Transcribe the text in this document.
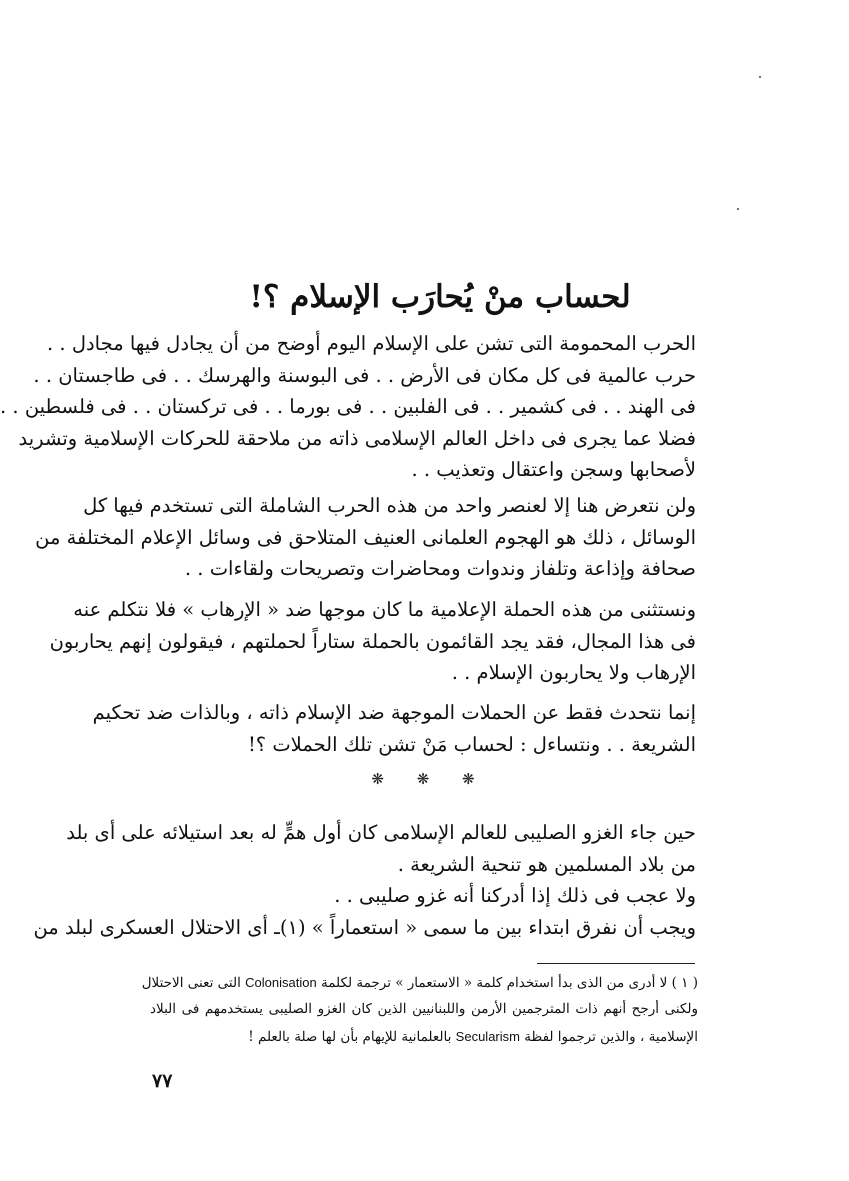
لحساب منْ يُحارَب الإسلام ؟!
الحرب المحمومة التى تشن على الإسلام اليوم أوضح من أن يجادل فيها مجادل . .
حرب عالمية فى كل مكان فى الأرض . . فى البوسنة والهرسك . . فى طاجستان . .
فى الهند . . فى كشمير . . فى الفلبين . . فى بورما . . فى تركستان . . فى فلسطين . .
فضلا عما يجرى فى داخل العالم الإسلامى ذاته من ملاحقة للحركات الإسلامية وتشريد
لأصحابها وسجن واعتقال وتعذيب . .
ولن نتعرض هنا إلا لعنصر واحد من هذه الحرب الشاملة التى تستخدم فيها كل
الوسائل ، ذلك هو الهجوم العلمانى العنيف المتلاحق فى وسائل الإعلام المختلفة من
صحافة وإذاعة وتلفاز وندوات ومحاضرات وتصريحات ولقاءات . .
ونستثنى من هذه الحملة الإعلامية ما كان موجها ضد « الإرهاب » فلا نتكلم عنه
فى هذا المجال، فقد يجد القائمون بالحملة ستاراً لحملتهم ، فيقولون إنهم يحاربون
الإرهاب ولا يحاربون الإسلام . .
إنما نتحدث فقط عن الحملات الموجهة ضد الإسلام ذاته ، وبالذات ضد تحكيم
الشريعة . . ونتساءل : لحساب مَنْ تشن تلك الحملات ؟!
❋ ❋ ❋
حين جاء الغزو الصليبى للعالم الإسلامى كان أول همٍّ له بعد استيلائه على أى بلد
من بلاد المسلمين هو تنحية الشريعة .
ولا عجب فى ذلك إذا أدركنا أنه غزو صليبى . .
ويجب أن نفرق ابتداء بين ما سمى « استعماراً » (١)ـ أى الاحتلال العسكرى لبلد من
( ١ ) لا أدرى من الذى بدأ استخدام كلمة « الاستعمار » ترجمة لكلمة Colonisation التى تعنى الاحتلال
ولكنى أرجح أنهم ذات المترجمين الأرمن واللبنانيين الذين كان الغزو الصليبى يستخدمهم فى البلاد
الإسلامية ، والذين ترجموا لفظة Secularism بالعلمانية للإيهام بأن لها صلة بالعلم !
٧٧
